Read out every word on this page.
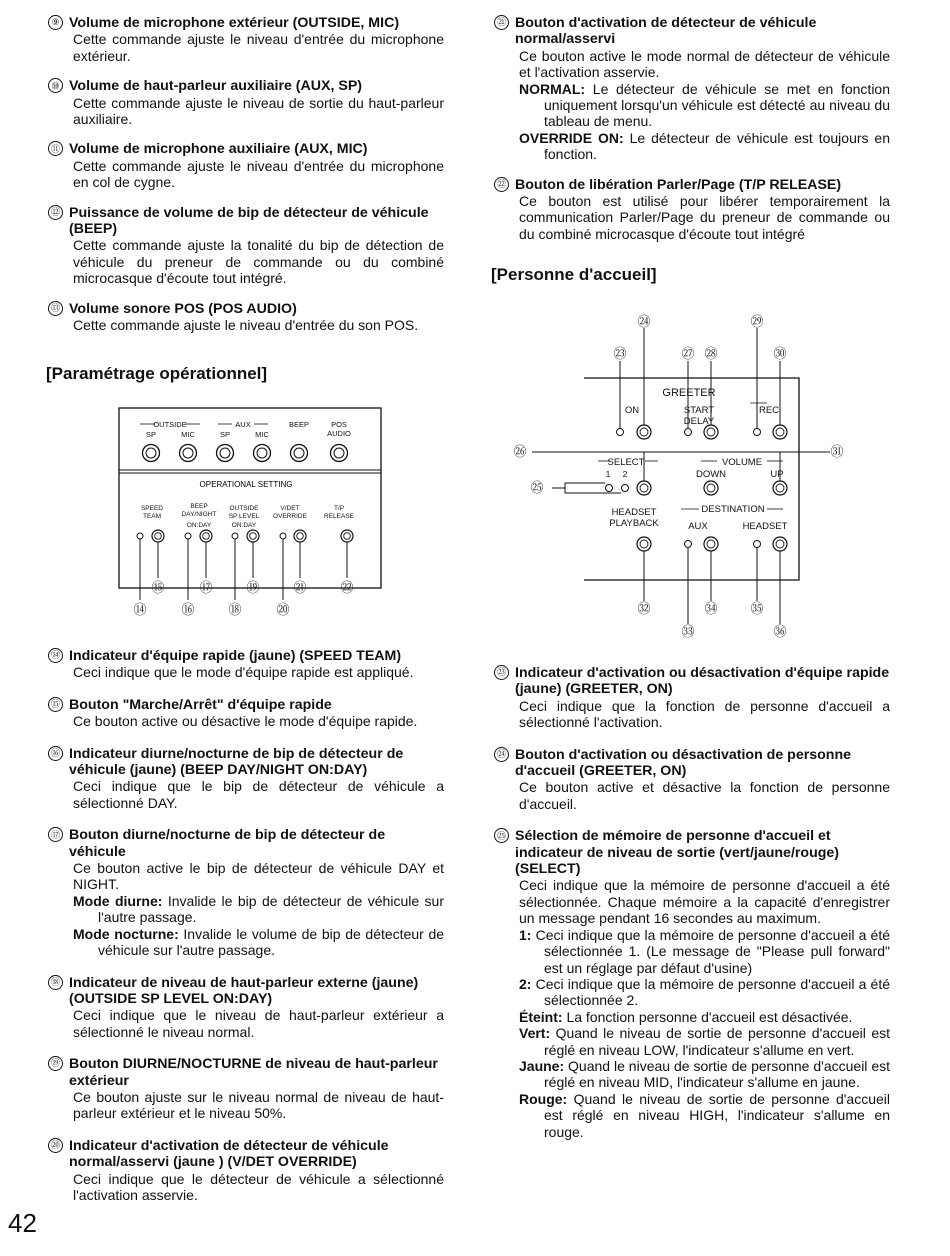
⑨ Volume de microphone extérieur (OUTSIDE, MIC)
Cette commande ajuste le niveau d'entrée du microphone extérieur.
⑩ Volume de haut-parleur auxiliaire (AUX, SP)
Cette commande ajuste le niveau de sortie du haut-parleur auxiliaire.
⑪ Volume de microphone auxiliaire (AUX, MIC)
Cette commande ajuste le niveau d'entrée du microphone en col de cygne.
⑫ Puissance de volume de bip de détecteur de véhicule (BEEP)
Cette commande ajuste la tonalité du bip de détection de véhicule du preneur de commande ou du combiné microcasque d'écoute tout intégré.
⑬ Volume sonore POS (POS AUDIO)
Cette commande ajuste le niveau d'entrée du son POS.
[Paramétrage opérationnel]
OUTSIDE	AUX
SP	MIC	SP	MIC
BEEP	POS
AUDIO
OPERATIONAL SETTING
SPEED
TEAM
BEEP
DAY/NIGHT
ON:DAY
OUTSIDE
SP LEVEL
ON:DAY
V/DET
OVERRIDE
T/P
RELEASE
⑮	⑰	⑲	㉑	㉒
⑭	⑯	⑱	⑳
⑭ Indicateur d'équipe rapide (jaune) (SPEED TEAM)
Ceci indique que le mode d'équipe rapide est appliqué.
⑮ Bouton "Marche/Arrêt" d'équipe rapide
Ce bouton active ou désactive le mode d'équipe rapide.
⑯ Indicateur diurne/nocturne de bip de détecteur de véhicule (jaune) (BEEP DAY/NIGHT ON:DAY)
Ceci indique que le bip de détecteur de véhicule a sélectionné DAY.
⑰ Bouton diurne/nocturne de bip de détecteur de véhicule
Ce bouton active le bip de détecteur de véhicule DAY et NIGHT.
Mode diurne: Invalide le bip de détecteur de véhicule sur l'autre passage.
Mode nocturne: Invalide le volume de bip de détecteur de véhicule sur l'autre passage.
⑱ Indicateur de niveau de haut-parleur externe (jaune) (OUTSIDE SP LEVEL ON:DAY)
Ceci indique que le niveau de haut-parleur extérieur a sélectionné le niveau normal.
⑲ Bouton DIURNE/NOCTURNE de niveau de haut-parleur extérieur
Ce bouton ajuste sur le niveau normal de niveau de haut-parleur extérieur et le niveau 50%.
⑳ Indicateur d'activation de détecteur de véhicule normal/asservi (jaune ) (V/DET OVERRIDE)
Ceci indique que le détecteur de véhicule a sélectionné l'activation asservie.
㉑ Bouton d'activation de détecteur de véhicule normal/asservi
Ce bouton active le mode normal de détecteur de véhicule et l'activation asservie.
NORMAL: Le détecteur de véhicule se met en fonction uniquement lorsqu'un véhicule est détecté au niveau du tableau de menu.
OVERRIDE ON: Le détecteur de véhicule est toujours en fonction.
㉒ Bouton de libération Parler/Page (T/P RELEASE)
Ce bouton est utilisé pour libérer temporairement la communication Parler/Page du preneur de commande ou du combiné microcasque d'écoute tout intégré
[Personne d'accueil]
GREETER
ON	START
DELAY
REC
SELECT
1 2
VOLUME
DOWN	UP
HEADSET
PLAYBACK
DESTINATION
AUX	HEADSET
㉔	㉙
㉓	㉗ ㉘	㉚
㉖	㉛
㉕
㉜	㉞	㉟
㉝	㊱
㉓ Indicateur d'activation ou désactivation d'équipe rapide (jaune) (GREETER, ON)
Ceci indique que la fonction de personne d'accueil a sélectionné l'activation.
㉔ Bouton d'activation ou désactivation de personne d'accueil (GREETER, ON)
Ce bouton active et désactive la fonction de personne d'accueil.
㉕ Sélection de mémoire de personne d'accueil et indicateur de niveau de sortie (vert/jaune/rouge) (SELECT)
Ceci indique que la mémoire de personne d'accueil a été sélectionnée. Chaque mémoire a la capacité d'enregistrer un message pendant 16 secondes au maximum.
1: Ceci indique que la mémoire de personne d'accueil a été sélectionnée 1. (Le message de "Please pull forward" est un réglage par défaut d'usine)
2: Ceci indique que la mémoire de personne d'accueil a été sélectionnée 2.
Éteint: La fonction personne d'accueil est désactivée.
Vert: Quand le niveau de sortie de personne d'accueil est réglé en niveau LOW, l'indicateur s'allume en vert.
Jaune: Quand le niveau de sortie de personne d'accueil est réglé en niveau MID, l'indicateur s'allume en jaune.
Rouge: Quand le niveau de sortie de personne d'accueil est réglé en niveau HIGH, l'indicateur s'allume en rouge.
42
